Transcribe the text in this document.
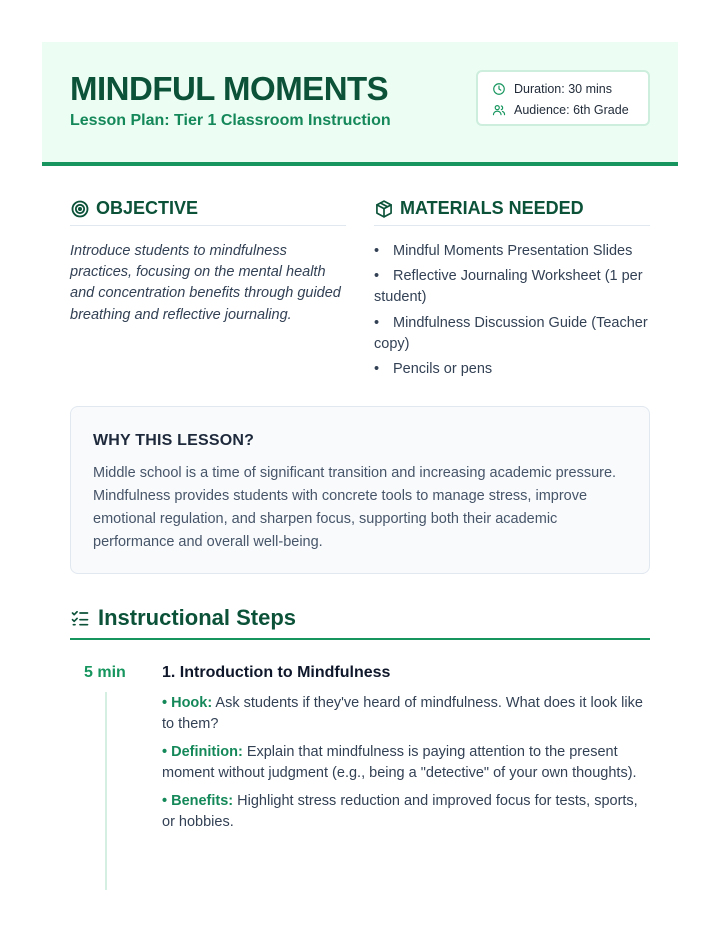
MINDFUL MOMENTS
Lesson Plan: Tier 1 Classroom Instruction
Duration: 30 mins
Audience: 6th Grade
OBJECTIVE
Introduce students to mindfulness practices, focusing on the mental health and concentration benefits through guided breathing and reflective journaling.
MATERIALS NEEDED
• Mindful Moments Presentation Slides
• Reflective Journaling Worksheet (1 per student)
• Mindfulness Discussion Guide (Teacher copy)
• Pencils or pens
WHY THIS LESSON?
Middle school is a time of significant transition and increasing academic pressure. Mindfulness provides students with concrete tools to manage stress, improve emotional regulation, and sharpen focus, supporting both their academic performance and overall well-being.
Instructional Steps
5 min 1. Introduction to Mindfulness

• Hook: Ask students if they've heard of mindfulness. What does it look like to them?

• Definition: Explain that mindfulness is paying attention to the present moment without judgment (e.g., being a "detective" of your own thoughts).

• Benefits: Highlight stress reduction and improved focus for tests, sports, or hobbies.
